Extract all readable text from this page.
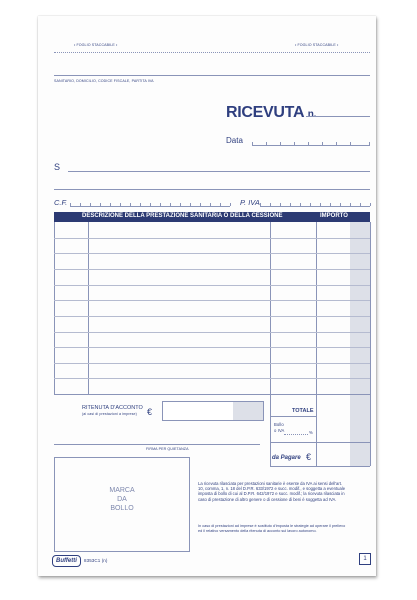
• FOGLIO STACCABILE •	• FOGLIO STACCABILE •
SANITARIO, DOMICILIO, CODICE FISCALE, PARTITA IVA
RICEVUTA n.
Data
S
C.F.	P. IVA
DESCRIZIONE DELLA PRESTAZIONE SANITARIA O DELLA CESSIONE	IMPORTO
RITENUTA D'ACCONTO
(ai casi di prestazioni a imprese) €	TOTALE
Bollo
o IVA	%
da Pagare €
FIRMA PER QUIETANZA
MARCA
DA
BOLLO
La ricevuta rilasciata per prestazioni sanitarie è esente da IVA ai sensi dell'art. 10, comma, 1, n. 18 del D.P.R. 633/1972 e succ. modif., e soggetta a eventuale imposta di bollo di cui al D.P.R. 642/1972 e succ. modif.; la ricevuta rilasciata in caso di prestazione di altro genere o di cessione di beni è soggetta ad IVA.
In caso di prestazioni ad imprese è sostituto d'imposta le strategie ad operare il prelievo ed il relativo versamento della ritenuta di acconto sul lavoro autonomo.
Buffetti	8353C1 (n)	1
